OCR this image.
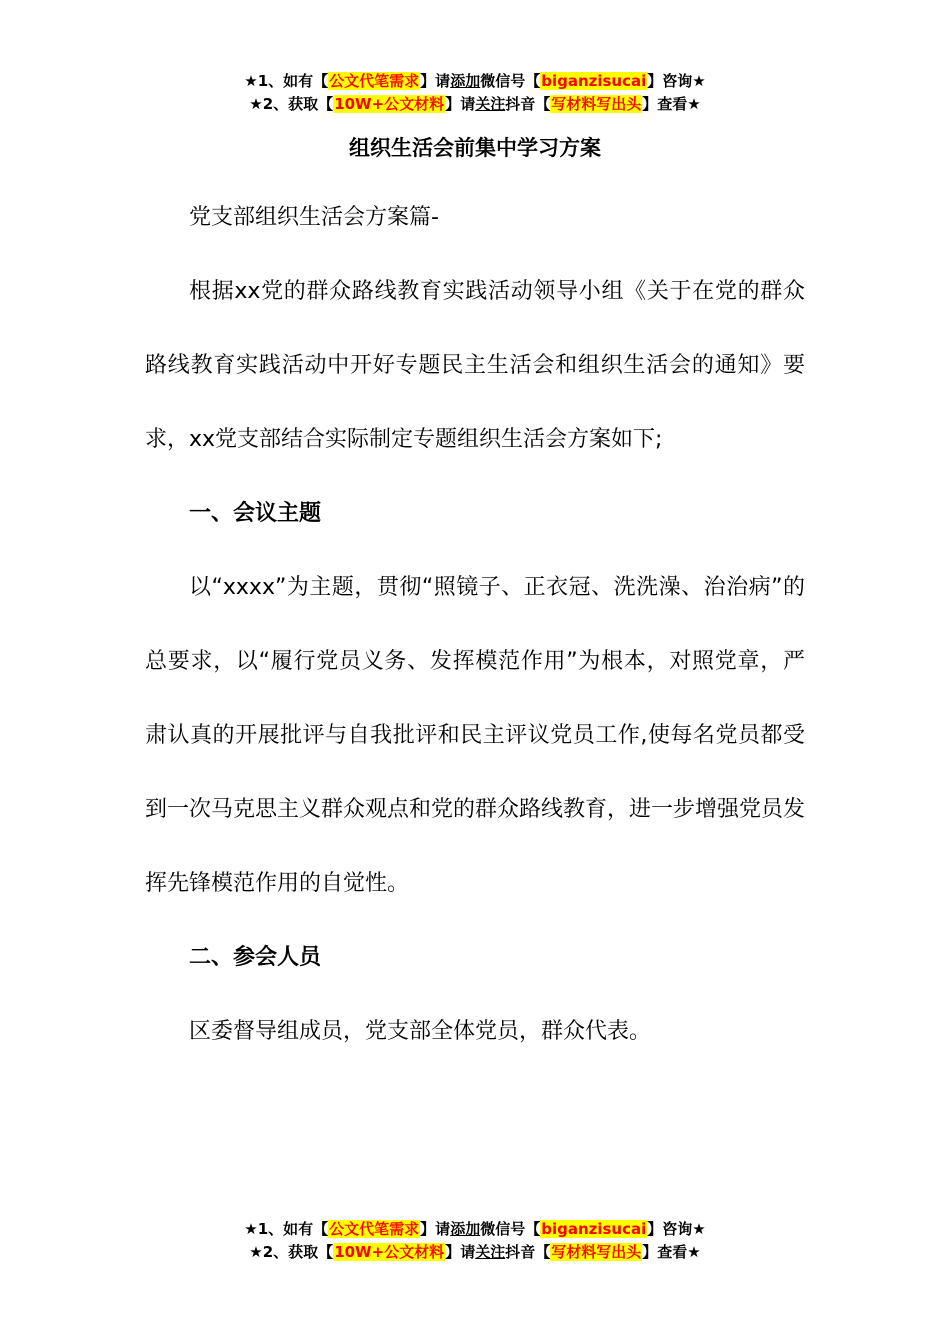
★1、如有【公文代笔需求】请添加微信号【biganzisucai】咨询★
★2、获取【10W+公文材料】请关注抖音【写材料写出头】查看★
组织生活会前集中学习方案

党支部组织生活会方案篇-

根据xx党的群众路线教育实践活动领导小组《关于在党的群众路线教育实践活动中开好专题民主生活会和组织生活会的通知》要求，xx党支部结合实际制定专题组织生活会方案如下;

一、会议主题

以“xxxx”为主题，贯彻“照镜子、正衣冠、洗洗澡、治治病”的总要求，以“履行党员义务、发挥模范作用”为根本，对照党章，严肃认真的开展批评与自我批评和民主评议党员工作,使每名党员都受到一次马克思主义群众观点和党的群众路线教育，进一步增强党员发挥先锋模范作用的自觉性。

二、参会人员

区委督导组成员，党支部全体党员，群众代表。

★1、如有【公文代笔需求】请添加微信号【biganzisucai】咨询★
★2、获取【10W+公文材料】请关注抖音【写材料写出头】查看★
